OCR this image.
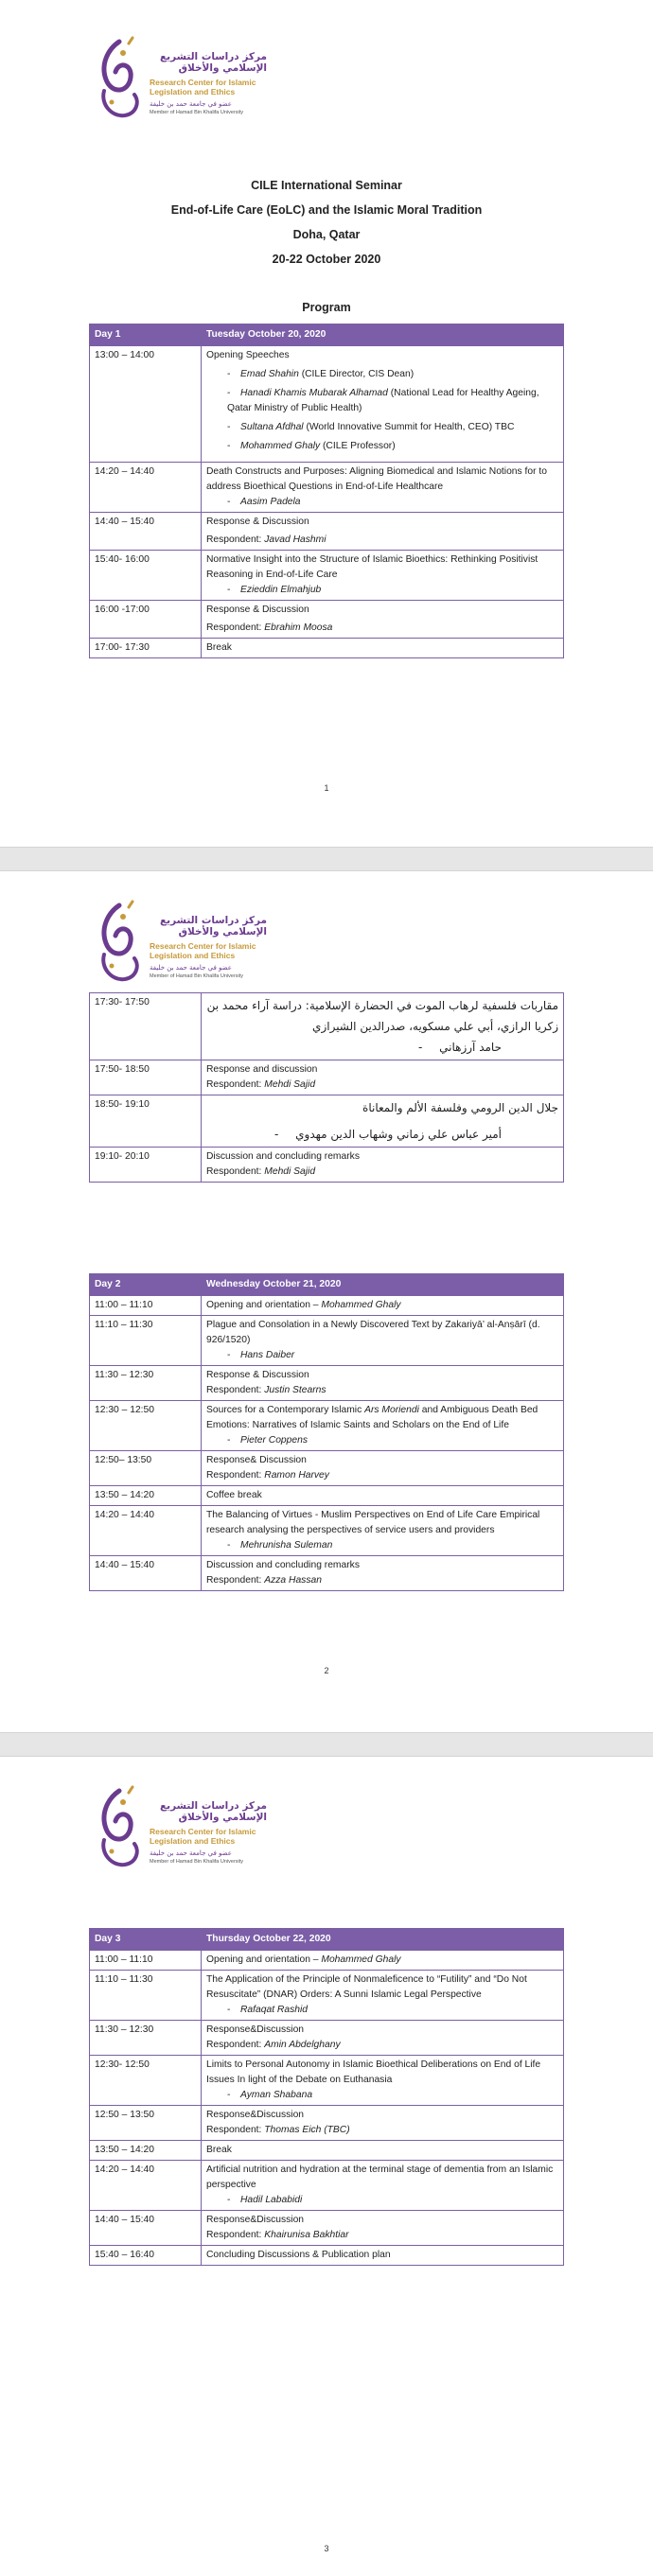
مركز دراسات التشريع الإسلامي والأخلاق
Research Center for Islamic
Legislation and Ethics
عضو في جامعة حمد بن خليفة
Member of Hamad Bin Khalifa University
CILE International Seminar
End-of-Life Care (EoLC) and the Islamic Moral Tradition
Doha, Qatar
20-22 October 2020
Program
Day 1	Tuesday October 20, 2020
13:00 – 14:00	Opening Speeches
- Emad Shahin (CILE Director, CIS Dean)
- Hanadi Khamis Mubarak Alhamad (National Lead for Healthy Ageing, Qatar Ministry of Public Health)
- Sultana Afdhal (World Innovative Summit for Health, CEO) TBC
- Mohammed Ghaly (CILE Professor)

14:20 – 14:40	Death Constructs and Purposes: Aligning Biomedical and Islamic Notions for to address Bioethical Questions in End-of-Life Healthcare
- Aasim Padela

14:40 – 15:40	Response & Discussion
Respondent: Javad Hashmi

15:40- 16:00	Normative Insight into the Structure of Islamic Bioethics: Rethinking Positivist Reasoning in End-of-Life Care
- Ezieddin Elmahjub

16:00 -17:00	Response & Discussion
Respondent: Ebrahim Moosa

17:00- 17:30	Break
1
مركز دراسات التشريع الإسلامي والأخلاق
Research Center for Islamic
Legislation and Ethics
عضو في جامعة حمد بن خليفة
Member of Hamad Bin Khalifa University
17:30- 17:50	مقاربات فلسفية لرهاب الموت في الحضارة الإسلامية: دراسة آراء محمد بن زكريا الرازي، أبي علي مسكويه، صدرالدين الشيرازي
حامد آرزهاني -

17:50- 18:50	Response and discussion
Respondent: Mehdi Sajid

18:50- 19:10	جلال الدين الرومي وفلسفة الألم والمعاناة
أمير عباس علي زماني وشهاب الدين مهدوي -

19:10- 20:10	Discussion and concluding remarks
Respondent: Mehdi Sajid
Day 2	Wednesday October 21, 2020
11:00 – 11:10	Opening and orientation – Mohammed Ghaly
11:10 – 11:30	Plague and Consolation in a Newly Discovered Text by Zakariyā’ al-Anṣārī (d. 926/1520)
- Hans Daiber

11:30 – 12:30	Response & Discussion
Respondent: Justin Stearns

12:30 – 12:50	Sources for a Contemporary Islamic Ars Moriendi and Ambiguous Death Bed Emotions: Narratives of Islamic Saints and Scholars on the End of Life
- Pieter Coppens

12:50– 13:50	Response& Discussion
Respondent: Ramon Harvey

13:50 – 14:20	Coffee break
14:20 – 14:40	The Balancing of Virtues - Muslim Perspectives on End of Life Care Empirical research analysing the perspectives of service users and providers
- Mehrunisha Suleman

14:40 – 15:40	Discussion and concluding remarks
Respondent: Azza Hassan
2
مركز دراسات التشريع الإسلامي والأخلاق
Research Center for Islamic
Legislation and Ethics
عضو في جامعة حمد بن خليفة
Member of Hamad Bin Khalifa University
Day 3	Thursday October 22, 2020
11:00 – 11:10	Opening and orientation – Mohammed Ghaly
11:10 – 11:30	The Application of the Principle of Nonmaleficence to “Futility” and “Do Not Resuscitate” (DNAR) Orders: A Sunni Islamic Legal Perspective
- Rafaqat Rashid

11:30 – 12:30	Response&Discussion
Respondent: Amin Abdelghany

12:30- 12:50	Limits to Personal Autonomy in Islamic Bioethical Deliberations on End of Life Issues In light of the Debate on Euthanasia
- Ayman Shabana

12:50 – 13:50	Response&Discussion
Respondent: Thomas Eich (TBC)

13:50 – 14:20	Break
14:20 – 14:40	Artificial nutrition and hydration at the terminal stage of dementia from an Islamic perspective
- Hadil Lababidi

14:40 – 15:40	Response&Discussion
Respondent: Khairunisa Bakhtiar

15:40 – 16:40	Concluding Discussions & Publication plan
3
